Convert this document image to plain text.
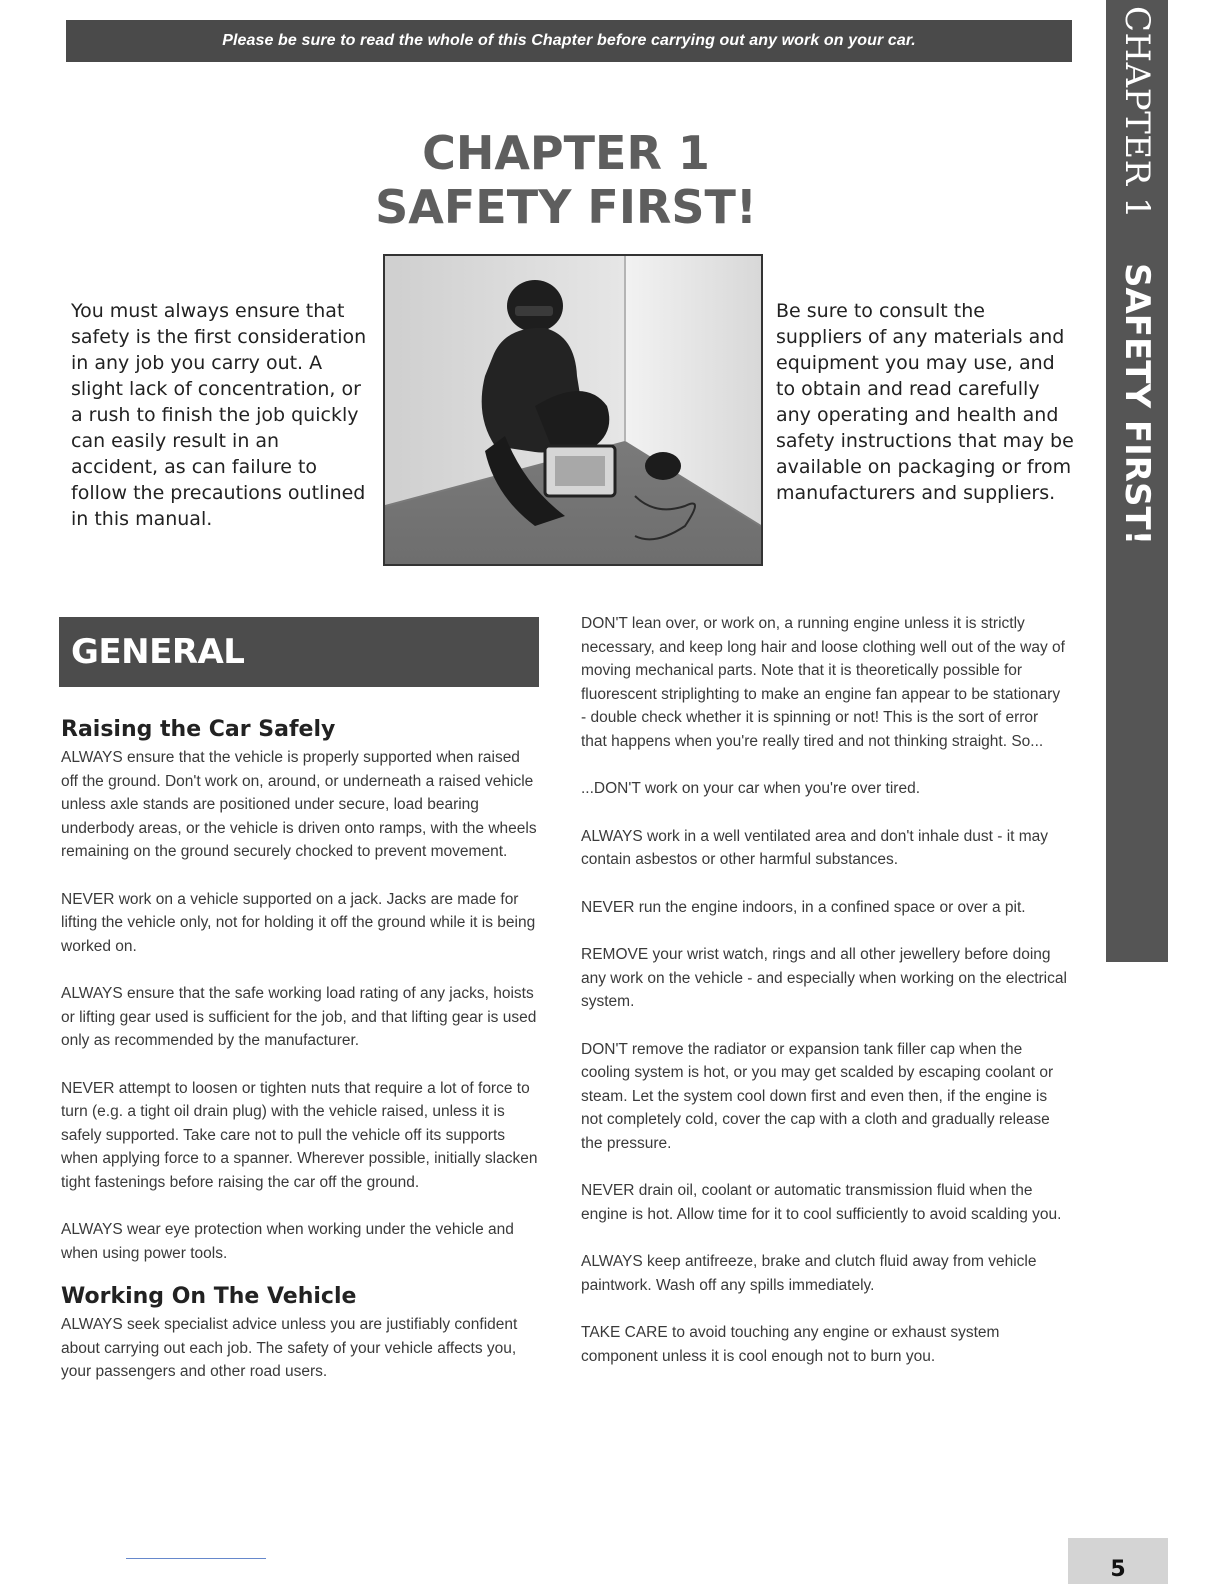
Please be sure to read the whole of this Chapter before carrying out any work on your car.
CHAPTER 1
SAFETY FIRST!	CHAPTER 1
SAFETY FIRST!
You must always ensure that safety is the first consideration in any job you carry out. A slight lack of concentration, or a rush to finish the job quickly can easily result in an accident, as can failure to follow the precautions outlined in this manual.
Be sure to consult the suppliers of any materials and equipment you may use, and to obtain and read carefully any operating and health and safety instructions that may be available on packaging or from manufacturers and suppliers.
GENERAL
Raising the Car Safely

ALWAYS ensure that the vehicle is properly supported when raised off the ground. Don't work on, around, or underneath a raised vehicle unless axle stands are positioned under secure, load bearing underbody areas, or the vehicle is driven onto ramps, with the wheels remaining on the ground securely chocked to prevent movement.

NEVER work on a vehicle supported on a jack. Jacks are made for lifting the vehicle only, not for holding it off the ground while it is being worked on.

ALWAYS ensure that the safe working load rating of any jacks, hoists or lifting gear used is sufficient for the job, and that lifting gear is used only as recommended by the manufacturer.

NEVER attempt to loosen or tighten nuts that require a lot of force to turn (e.g. a tight oil drain plug) with the vehicle raised, unless it is safely supported. Take care not to pull the vehicle off its supports when applying force to a spanner. Wherever possible, initially slacken tight fastenings before raising the car off the ground.

ALWAYS wear eye protection when working under the vehicle and when using power tools.

Working On The Vehicle

ALWAYS seek specialist advice unless you are justifiably confident about carrying out each job. The safety of your vehicle affects you, your passengers and other road users.

DON'T lean over, or work on, a running engine unless it is strictly necessary, and keep long hair and loose clothing well out of the way of moving mechanical parts. Note that it is theoretically possible for fluorescent striplighting to make an engine fan appear to be stationary - double check whether it is spinning or not! This is the sort of error that happens when you're really tired and not thinking straight. So...

...DON'T work on your car when you're over tired.

ALWAYS work in a well ventilated area and don't inhale dust - it may contain asbestos or other harmful substances.

NEVER run the engine indoors, in a confined space or over a pit.

REMOVE your wrist watch, rings and all other jewellery before doing any work on the vehicle - and especially when working on the electrical system.

DON'T remove the radiator or expansion tank filler cap when the cooling system is hot, or you may get scalded by escaping coolant or steam. Let the system cool down first and even then, if the engine is not completely cold, cover the cap with a cloth and gradually release the pressure.

NEVER drain oil, coolant or automatic transmission fluid when the engine is hot. Allow time for it to cool sufficiently to avoid scalding you.

ALWAYS keep antifreeze, brake and clutch fluid away from vehicle paintwork. Wash off any spills immediately.

TAKE CARE to avoid touching any engine or exhaust system component unless it is cool enough not to burn you.

5
